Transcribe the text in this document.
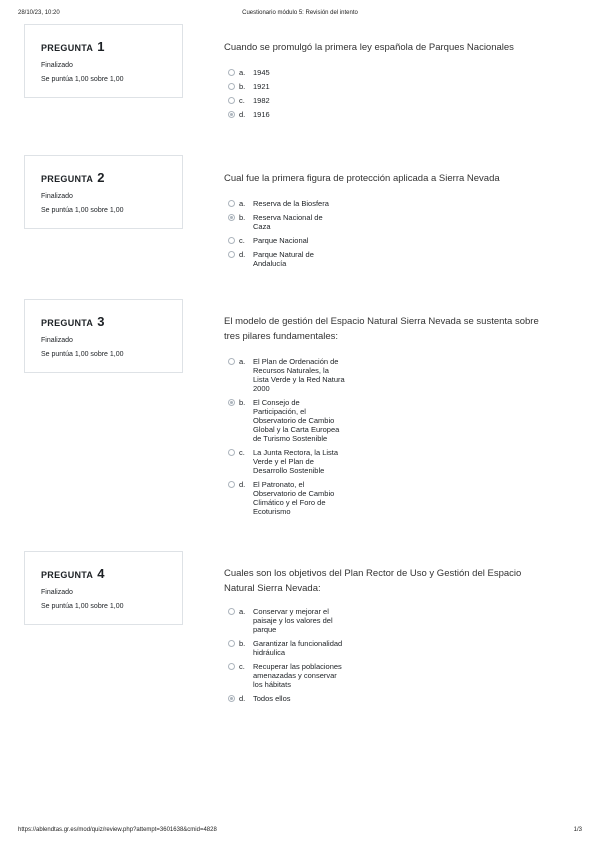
28/10/23, 10:20	Cuestionario módulo 5: Revisión del intento
PREGUNTA 1
Finalizado
Se puntúa 1,00 sobre 1,00
Cuando se promulgó la primera ley española de Parques Nacionales
a.	1945
b.	1921
c.	1982
d.	1916
PREGUNTA 2
Finalizado
Se puntúa 1,00 sobre 1,00
Cual fue la primera figura de protección aplicada a Sierra Nevada
a.	Reserva de la Biosfera
b.	Reserva Nacional de Caza
c.	Parque Nacional
d.	Parque Natural de Andalucía
PREGUNTA 3
Finalizado
Se puntúa 1,00 sobre 1,00
El modelo de gestión del Espacio Natural Sierra Nevada se sustenta sobre tres pilares fundamentales:
a.	El Plan de Ordenación de Recursos Naturales, la Lista Verde y la Red Natura 2000
b.	El Consejo de Participación, el Observatorio de Cambio Global y la Carta Europea de Turismo Sostenible
c.	La Junta Rectora, la Lista Verde y el Plan de Desarrollo Sostenible
d.	El Patronato, el Observatorio de Cambio Climático y el Foro de Ecoturismo
PREGUNTA 4
Finalizado
Se puntúa 1,00 sobre 1,00
Cuales son los objetivos del Plan Rector de Uso y Gestión del Espacio Natural Sierra Nevada:
a.	Conservar y mejorar el paisaje y los valores del parque
b.	Garantizar la funcionalidad hidráulica
c.	Recuperar las poblaciones amenazadas y conservar los hábitats
d.	Todos ellos
https://ablendtas.gr.es/mod/quiz/review.php?attempt=3601638&cmid=4828	1/3
